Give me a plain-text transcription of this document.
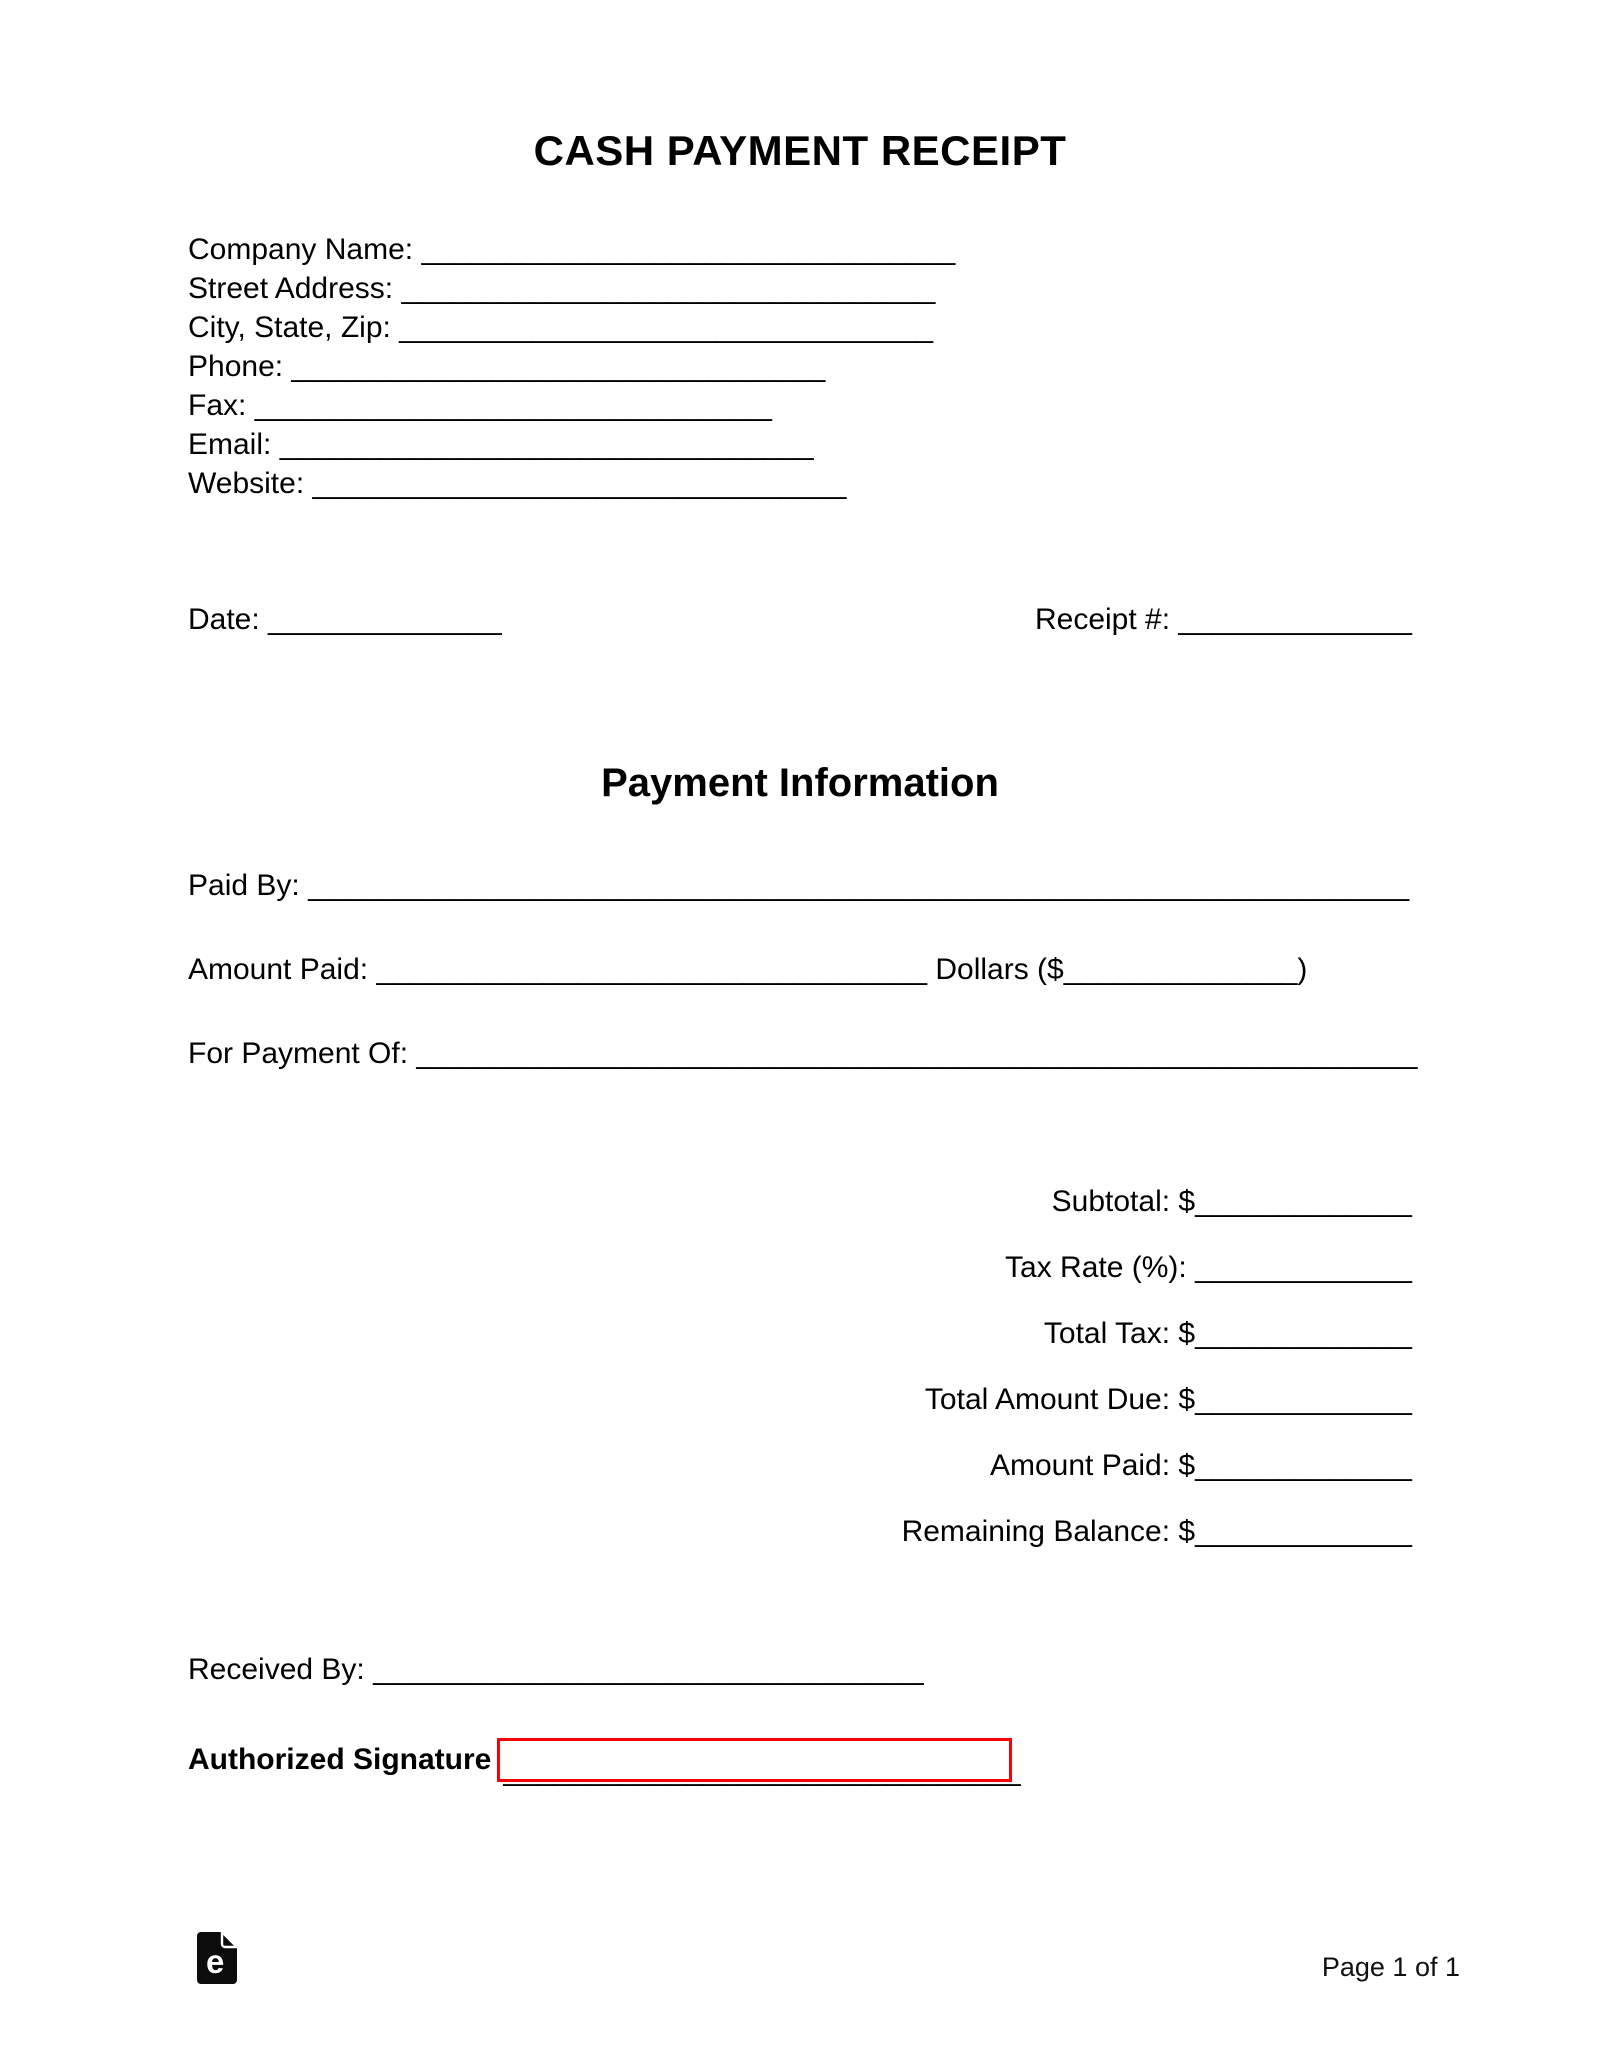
CASH PAYMENT RECEIPT
Company Name: ________________________________
Street Address: ________________________________
City, State, Zip: ________________________________
Phone: ________________________________
Fax: _______________________________
Email: ________________________________
Website: ________________________________
Date: ______________	Receipt #: ______________
Payment Information
Paid By: __________________________________________________________________
Amount Paid: _________________________________ Dollars ($______________)
For Payment Of: ____________________________________________________________
Subtotal: $_____________
Tax Rate (%): _____________
Total Tax: $_____________
Total Amount Due: $_____________
Amount Paid: $_____________
Remaining Balance: $_____________
Received By: _________________________________
Authorized Signature _______________________________
e	Page 1 of 1
